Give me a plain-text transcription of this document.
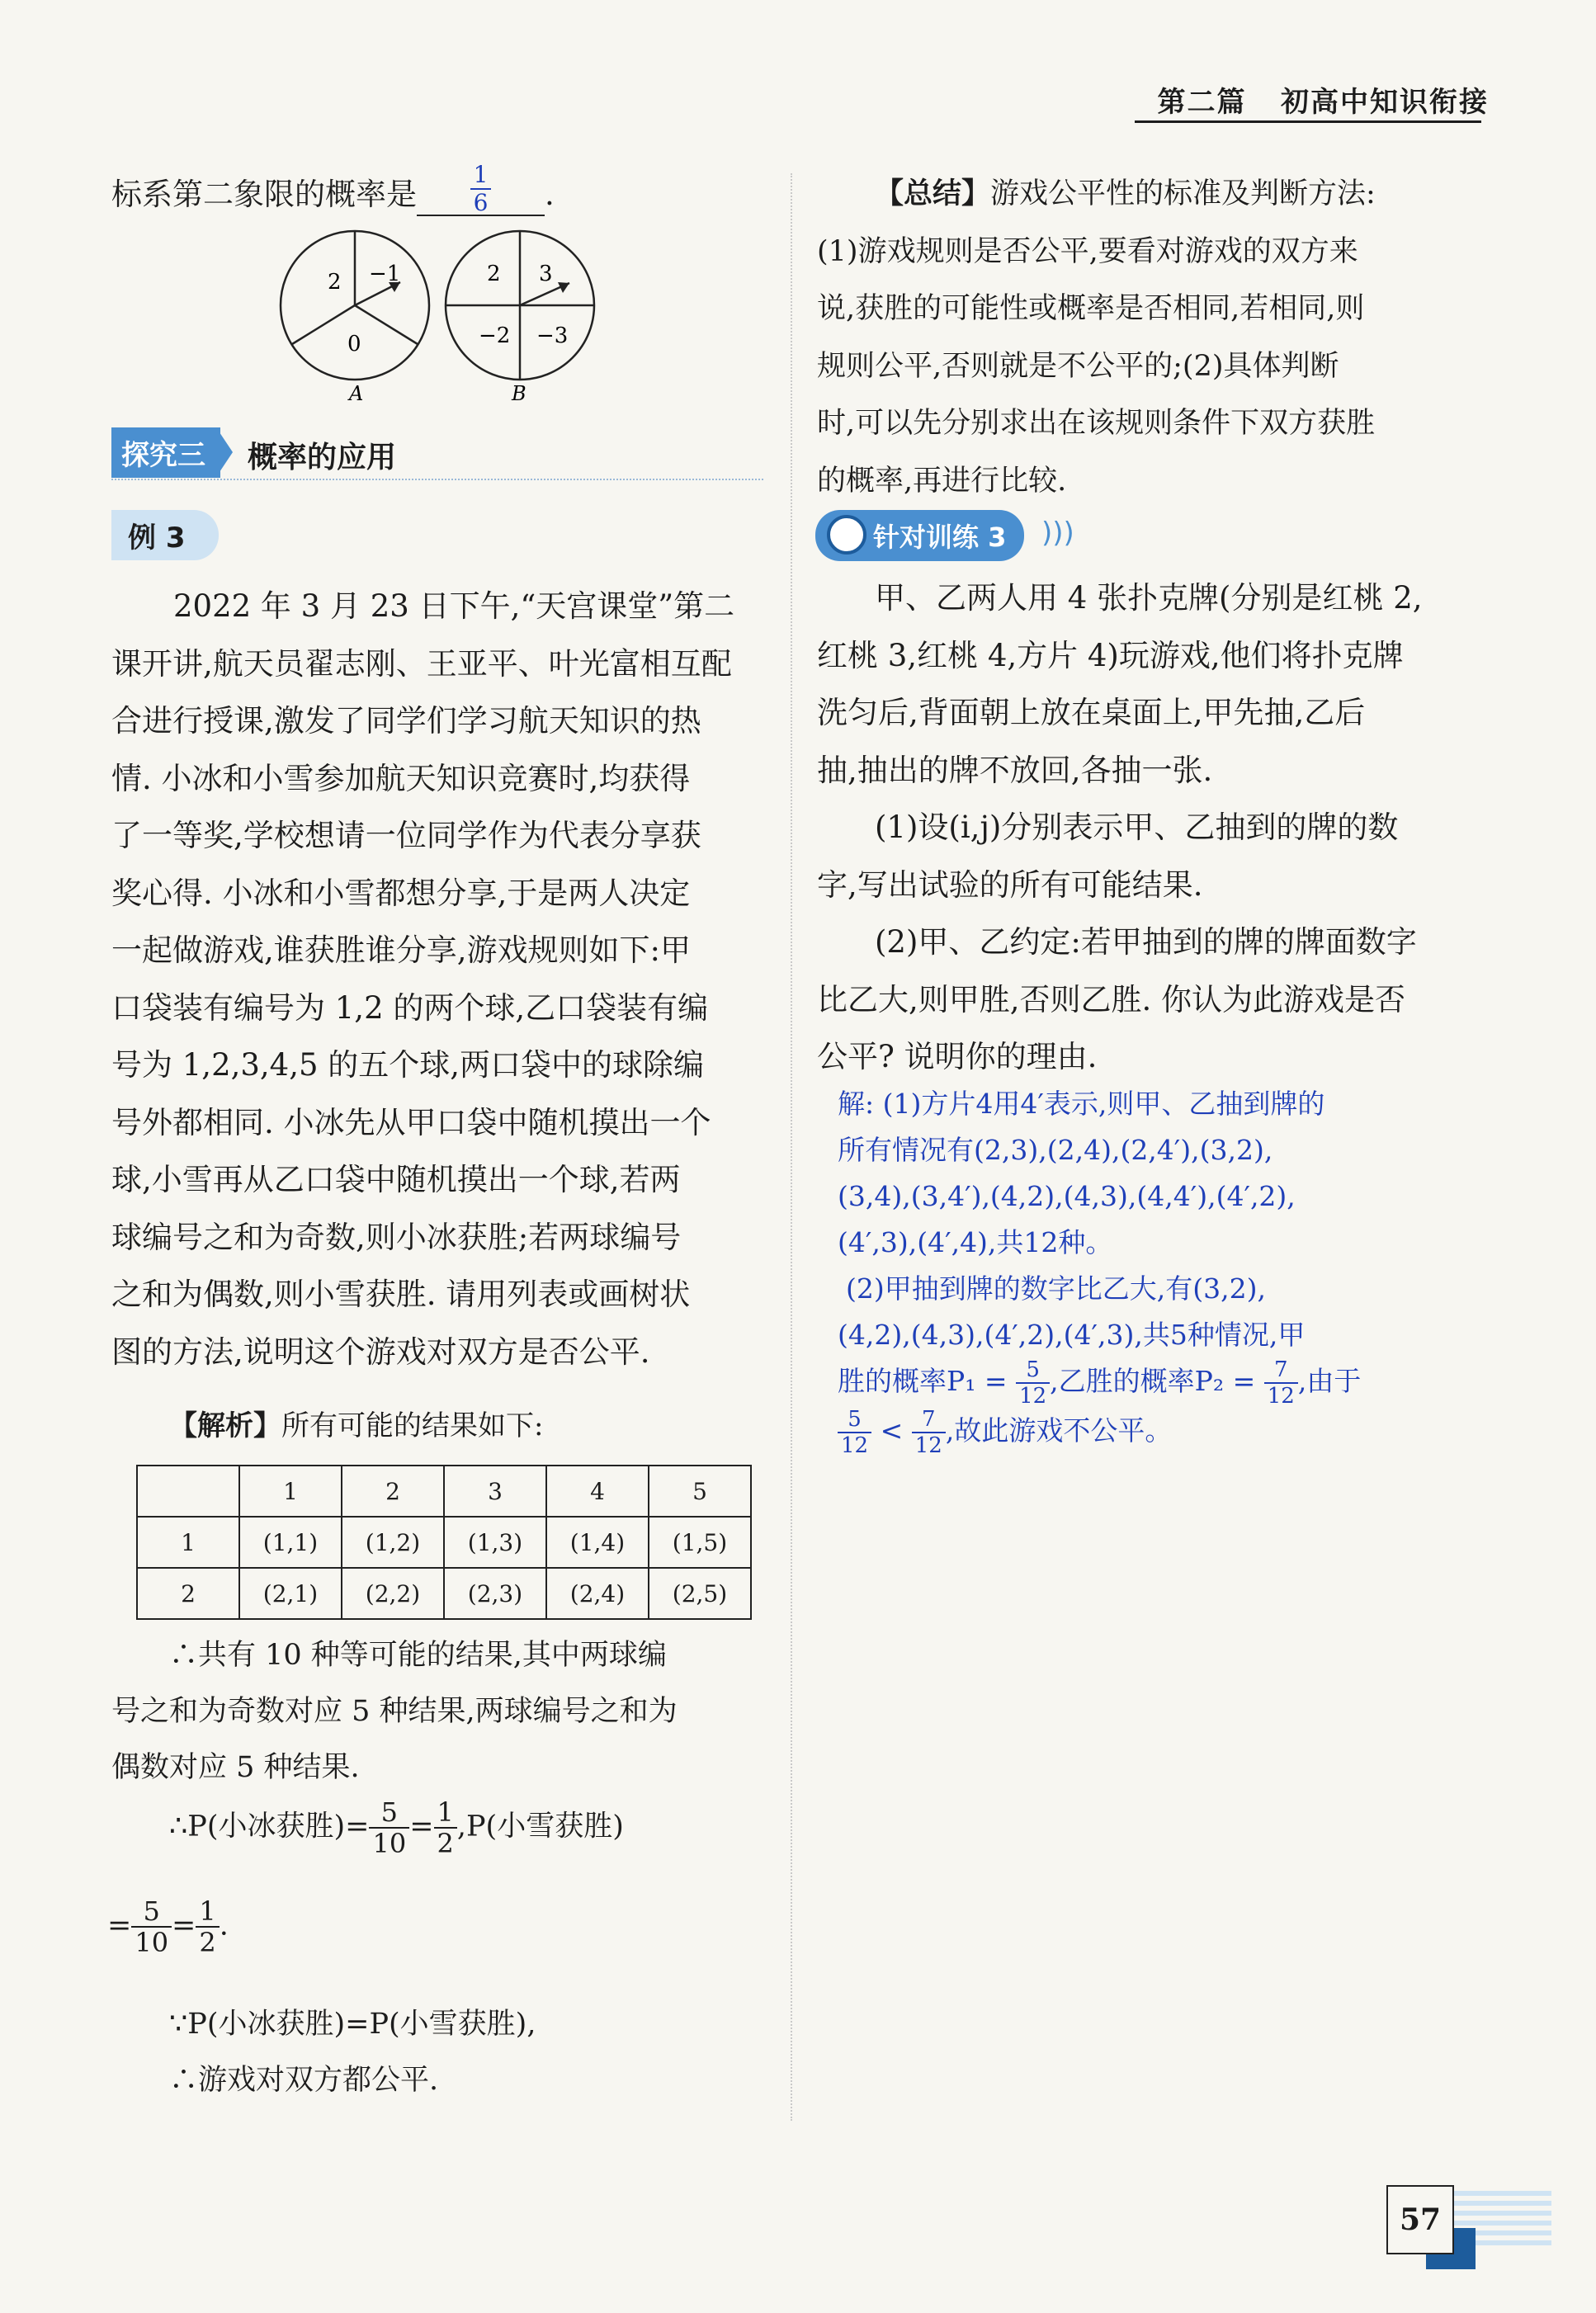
第二篇 初高中知识衔接
标系第二象限的概率是 $\frac{1}{6}$ .
2 −1
0
A
2 3
−2 −3
B
探究三	概率的应用
例 3
2022 年 3 月 23 日下午,“天宫课堂”第二
课开讲,航天员翟志刚、王亚平、叶光富相互配
合进行授课,激发了同学们学习航天知识的热
情. 小冰和小雪参加航天知识竞赛时,均获得
了一等奖,学校想请一位同学作为代表分享获
奖心得. 小冰和小雪都想分享,于是两人决定
一起做游戏,谁获胜谁分享,游戏规则如下:甲
口袋装有编号为 1,2 的两个球,乙口袋装有编
号为 1,2,3,4,5 的五个球,两口袋中的球除编
号外都相同. 小冰先从甲口袋中随机摸出一个
球,小雪再从乙口袋中随机摸出一个球,若两
球编号之和为奇数,则小冰获胜;若两球编号
之和为偶数,则小雪获胜. 请用列表或画树状
图的方法,说明这个游戏对双方是否公平.
【解析】所有可能的结果如下:
	1	2	3	4	5
1	(1,1)	(1,2)	(1,3)	(1,4)	(1,5)
2	(2,1)	(2,2)	(2,3)	(2,4)	(2,5)
∴共有 10 种等可能的结果,其中两球编
号之和为奇数对应 5 种结果,两球编号之和为
偶数对应 5 种结果.
∴P(小冰获胜)= $\frac{5}{10} = \frac{1}{2} ,P$(小雪获胜)
= $\frac{5}{10} = \frac{1}{2}$ .
∵P(小冰获胜)=P(小雪获胜),
∴游戏对双方都公平.
【总结】游戏公平性的标准及判断方法:
(1)游戏规则是否公平,要看对游戏的双方来
说,获胜的可能性或概率是否相同,若相同,则
规则公平,否则就是不公平的;(2)具体判断
时,可以先分别求出在该规则条件下双方获胜
的概率,再进行比较.
针对训练 3	)))
甲、乙两人用 4 张扑克牌(分别是红桃 2,
红桃 3,红桃 4,方片 4)玩游戏,他们将扑克牌
洗匀后,背面朝上放在桌面上,甲先抽,乙后
抽,抽出的牌不放回,各抽一张.
(1)设(i,j)分别表示甲、乙抽到的牌的数
字,写出试验的所有可能结果.
(2)甲、乙约定:若甲抽到的牌的牌面数字
比乙大,则甲胜,否则乙胜. 你认为此游戏是否
公平? 说明你的理由.
解: (1)方片4用4′表示,则甲、乙抽到牌的
所有情况有(2,3),(2,4),(2,4′),(3,2),
(3,4),(3,4′),(4,2),(4,3),(4,4′),(4′,2),
(4′,3),(4′,4),共12种。
(2)甲抽到牌的数字比乙大,有(3,2),
(4,2),(4,3),(4′,2),(4′,3),共5种情况,甲
胜的概率$P_1 = \frac{5}{12}$ ,乙胜的概率$P_2 = \frac{7}{12}$ ,由于
$\frac{5}{12} < \frac{7}{12}$ ,故此游戏不公平。
57
